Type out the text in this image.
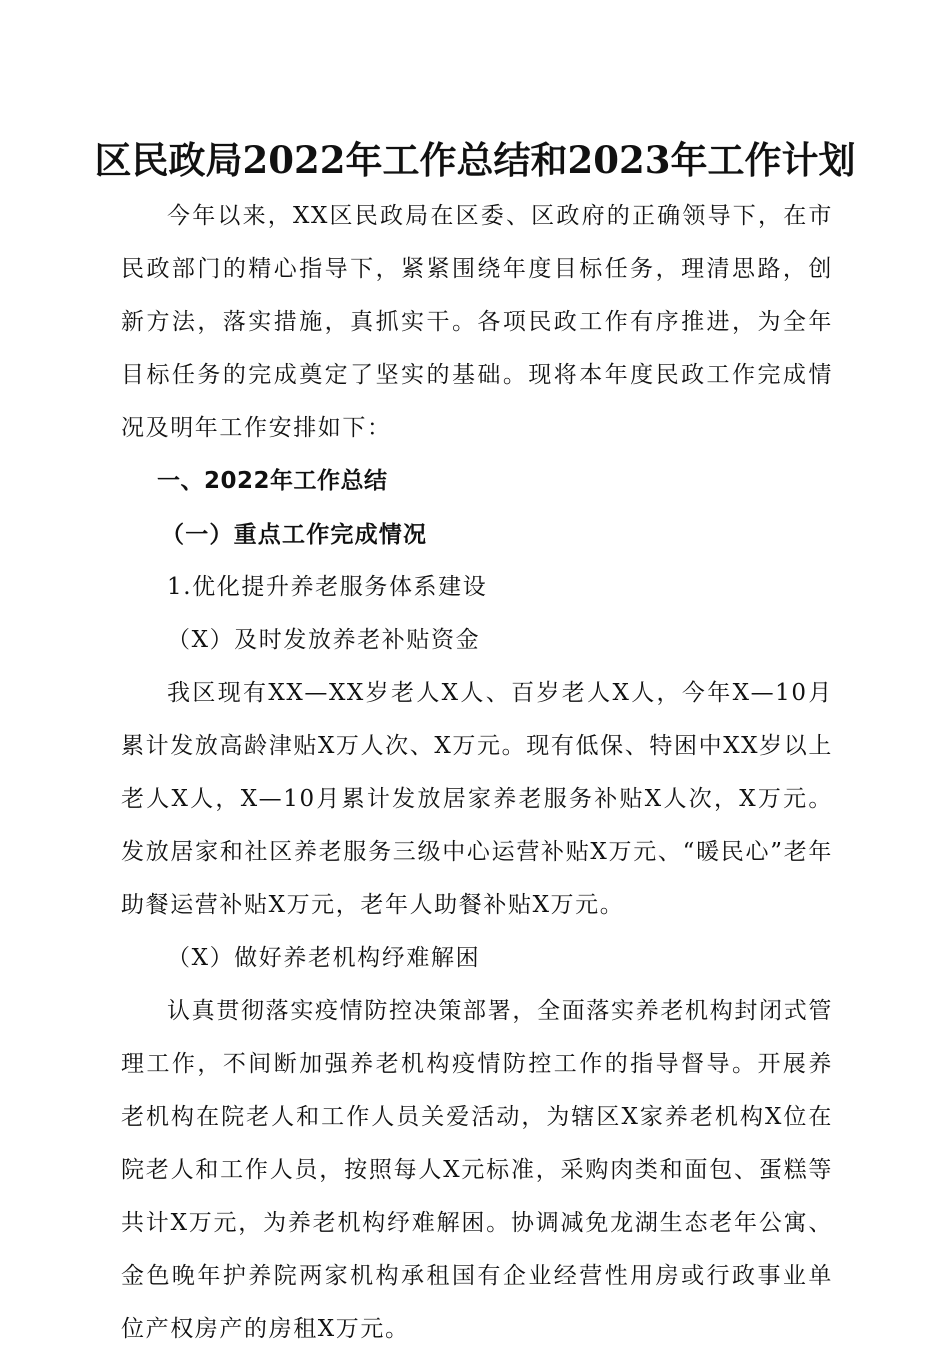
区民政局2022年工作总结和2023年工作计划

今年以来，XX区民政局在区委、区政府的正确领导下，在市民政部门的精心指导下，紧紧围绕年度目标任务，理清思路，创新方法，落实措施，真抓实干。各项民政工作有序推进，为全年目标任务的完成奠定了坚实的基础。现将本年度民政工作完成情况及明年工作安排如下：

一、2022年工作总结

（一）重点工作完成情况

1.优化提升养老服务体系建设

（X）及时发放养老补贴资金

我区现有XX—XX岁老人X人、百岁老人X人，今年X—10月累计发放高龄津贴X万人次、X万元。现有低保、特困中XX岁以上老人X人，X—10月累计发放居家养老服务补贴X人次，X万元。发放居家和社区养老服务三级中心运营补贴X万元、“暖民心”老年助餐运营补贴X万元，老年人助餐补贴X万元。

（X）做好养老机构纾难解困

认真贯彻落实疫情防控决策部署，全面落实养老机构封闭式管理工作，不间断加强养老机构疫情防控工作的指导督导。开展养老机构在院老人和工作人员关爱活动，为辖区X家养老机构X位在院老人和工作人员，按照每人X元标准，采购肉类和面包、蛋糕等共计X万元，为养老机构纾难解困。协调减免龙湖生态老年公寓、金色晚年护养院两家机构承租国有企业经营性用房或行政事业单位产权房产的房租X万元。
